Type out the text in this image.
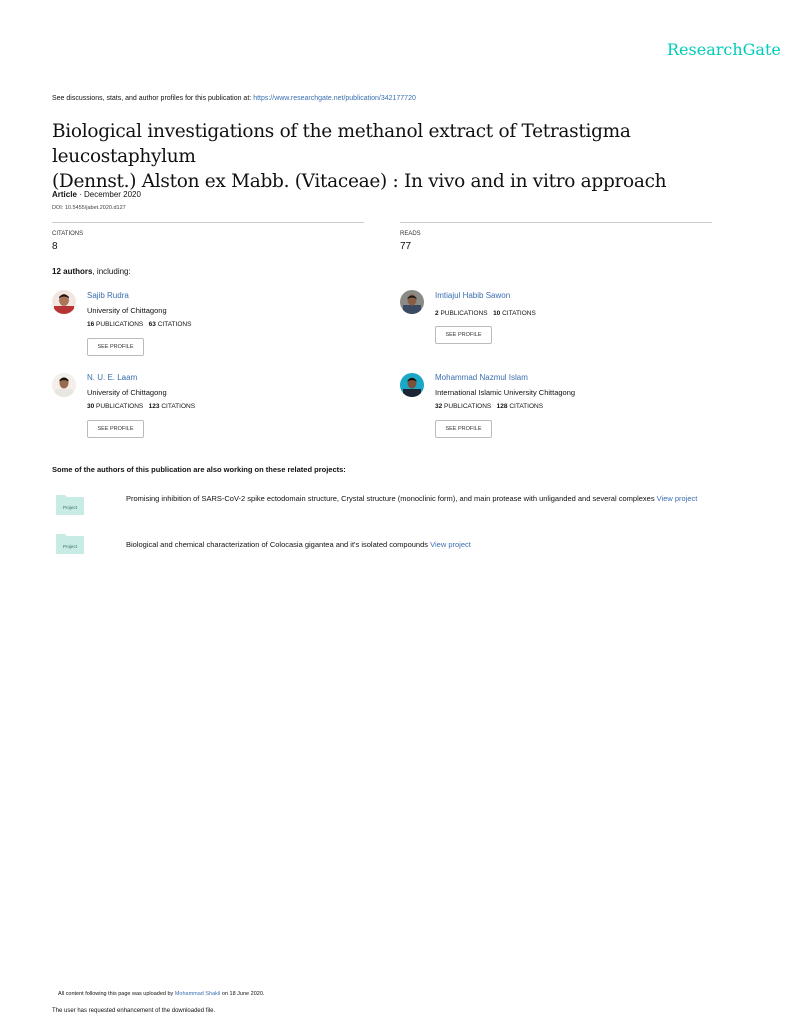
ResearchGate
See discussions, stats, and author profiles for this publication at: https://www.researchgate.net/publication/342177720
Biological investigations of the methanol extract of Tetrastigma leucostaphylum
(Dennst.) Alston ex Mabb. (Vitaceae) : In vivo and in vitro approach
Article · December 2020
DOI: 10.5455/jabet.2020.d127
CITATIONS
8
READS
77
12 authors, including:
Sajib Rudra
University of Chittagong
16 PUBLICATIONS 63 CITATIONS
SEE PROFILE
Imtiajul Habib Sawon
2 PUBLICATIONS 10 CITATIONS
SEE PROFILE
N. U. E. Laam
University of Chittagong
30 PUBLICATIONS 123 CITATIONS
SEE PROFILE
Mohammad Nazmul Islam
International Islamic University Chittagong
32 PUBLICATIONS 128 CITATIONS
SEE PROFILE
Some of the authors of this publication are also working on these related projects:
Project
Promising inhibition of SARS-CoV-2 spike ectodomain structure, Crystal structure (monoclinic form), and main protease with unliganded and several complexes View project
Project	Biological and chemical characterization of Colocasia gigantea and it's isolated compounds View project
All content following this page was uploaded by Mohammad Shakil on 18 June 2020.
The user has requested enhancement of the downloaded file.
